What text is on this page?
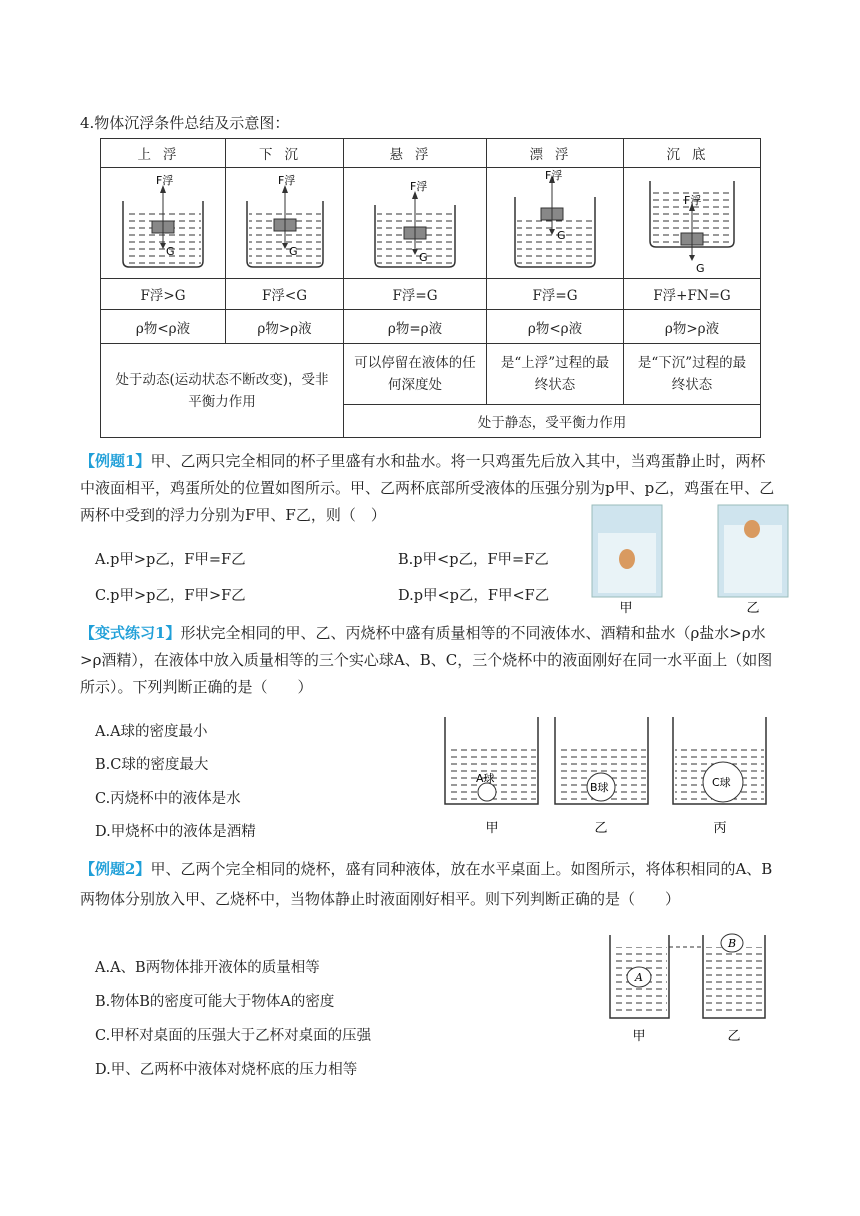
4.物体沉浮条件总结及示意图：
上浮	下沉	悬浮	漂浮	沉底

F浮
G	F浮
G	F浮
G	F浮
G	F浮
G

F浮>G	F浮<G	F浮=G	F浮=G	F浮+FN=G
ρ物<ρ液	ρ物>ρ液	ρ物=ρ液	ρ物<ρ液	ρ物>ρ液
处于动态(运动状态不断改变)，受非平衡力作用		可以停留在液体的任何深度处	是“上浮”过程的最终状态	是“下沉”过程的最终状态
		处于静态，受平衡力作用		
【例题1】甲、乙两只完全相同的杯子里盛有水和盐水。将一只鸡蛋先后放入其中，当鸡蛋静止时，两杯中液面相平，鸡蛋所处的位置如图所示。甲、乙两杯底部所受液体的压强分别为p甲、p乙，鸡蛋在甲、乙两杯中受到的浮力分别为F甲、F乙，则（　）
A.p甲>p乙，F甲=F乙	B.p甲<p乙，F甲=F乙
C.p甲>p乙，F甲>F乙	D.p甲<p乙，F甲<F乙
甲	乙
【变式练习1】形状完全相同的甲、乙、丙烧杯中盛有质量相等的不同液体水、酒精和盐水（ρ盐水>ρ水>ρ酒精），在液体中放入质量相等的三个实心球A、B、C，三个烧杯中的液面刚好在同一水平面上（如图所示）。下列判断正确的是（　　）
A.A球的密度最小
B.C球的密度最大
C.丙烧杯中的液体是水
D.甲烧杯中的液体是酒精
A球
B球	C球
甲	乙	丙
【例题2】甲、乙两个完全相同的烧杯，盛有同种液体，放在水平桌面上。如图所示，将体积相同的A、B两物体分别放入甲、乙烧杯中，当物体静止时液面刚好相平。则下列判断正确的是（　　）
A.A、B两物体排开液体的质量相等
B.物体B的密度可能大于物体A的密度
C.甲杯对桌面的压强大于乙杯对桌面的压强
D.甲、乙两杯中液体对烧杯底的压力相等
A
B
甲	乙
